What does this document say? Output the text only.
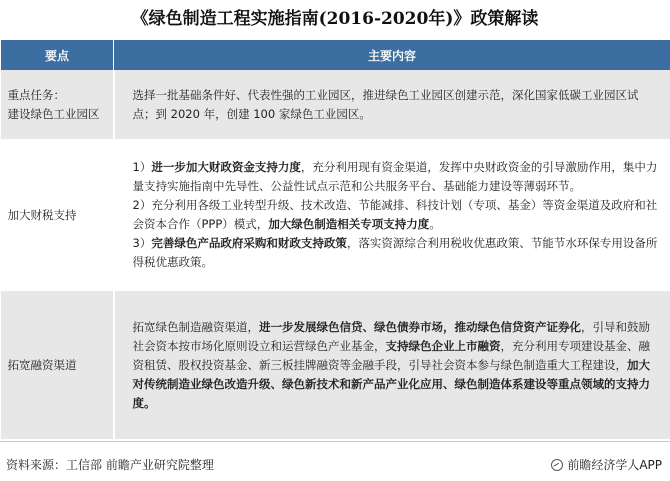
《绿色制造工程实施指南(2016-2020年)》政策解读
要点	主要内容

重点任务：
建设绿色工业园区	选择一批基础条件好、代表性强的工业园区，推进绿色工业园区创建示范，深化国家低碳工业园区试点；到 2020 年，创建 100 家绿色工业园区。

加大财税支持	1）进一步加大财政资金支持力度，充分利用现有资金渠道，发挥中央财政资金的引导激励作用，集中力量支持实施指南中先导性、公益性试点示范和公共服务平台、基础能力建设等薄弱环节。
2）充分利用各级工业转型升级、技术改造、节能减排、科技计划（专项、基金）等资金渠道及政府和社会资本合作（PPP）模式，加大绿色制造相关专项支持力度。
3）完善绿色产品政府采购和财政支持政策，落实资源综合利用税收优惠政策、节能节水环保专用设备所得税优惠政策。

拓宽融资渠道	拓宽绿色制造融资渠道，进一步发展绿色信贷、绿色债券市场，推动绿色信贷资产证券化，引导和鼓励社会资本按市场化原则设立和运营绿色产业基金，支持绿色企业上市融资，充分利用专项建设基金、融资租赁、股权投资基金、新三板挂牌融资等金融手段，引导社会资本参与绿色制造重大工程建设，加大对传统制造业绿色改造升级、绿色新技术和新产品产业化应用、绿色制造体系建设等重点领域的支持力度。
资料来源：工信部 前瞻产业研究院整理	前瞻经济学人APP
